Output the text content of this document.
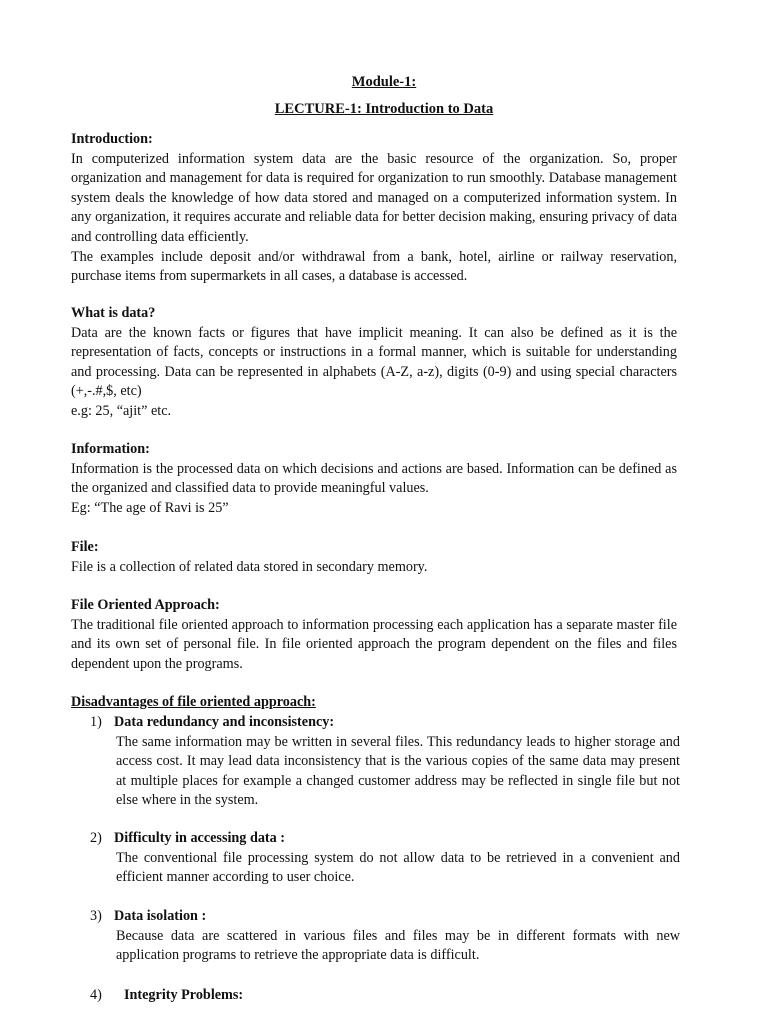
Module-1:
LECTURE-1: Introduction to Data
Introduction:
In computerized information system data are the basic resource of the organization. So, proper organization and management for data is required for organization to run smoothly. Database management system deals the knowledge of how data stored and managed on a computerized information system. In any organization, it requires accurate and reliable data for better decision making, ensuring privacy of data and controlling data efficiently.
The examples include deposit and/or withdrawal from a bank, hotel, airline or railway reservation, purchase items from supermarkets in all cases, a database is accessed.
What is data?
Data are the known facts or figures that have implicit meaning. It can also be defined as it is the representation of facts, concepts or instructions in a formal manner, which is suitable for understanding and processing. Data can be represented in alphabets (A-Z, a-z), digits (0-9) and using special characters (+,-.#,$, etc)
e.g: 25, “ajit” etc.
Information:
Information is the processed data on which decisions and actions are based. Information can be defined as the organized and classified data to provide meaningful values.
Eg: “The age of Ravi is 25”
File:
File is a collection of related data stored in secondary memory.
File Oriented Approach:
The traditional file oriented approach to information processing each application has a separate master file and its own set of personal file. In file oriented approach the program dependent on the files and files dependent upon the programs.
Disadvantages of file oriented approach:
1) Data redundancy and inconsistency:
The same information may be written in several files. This redundancy leads to higher storage and access cost. It may lead data inconsistency that is the various copies of the same data may present at multiple places for example a changed customer address may be reflected in single file but not else where in the system.
2) Difficulty in accessing data :
The conventional file processing system do not allow data to be retrieved in a convenient and efficient manner according to user choice.
3) Data isolation :
Because data are scattered in various files and files may be in different formats with new application programs to retrieve the appropriate data is difficult.
4) Integrity Problems:
